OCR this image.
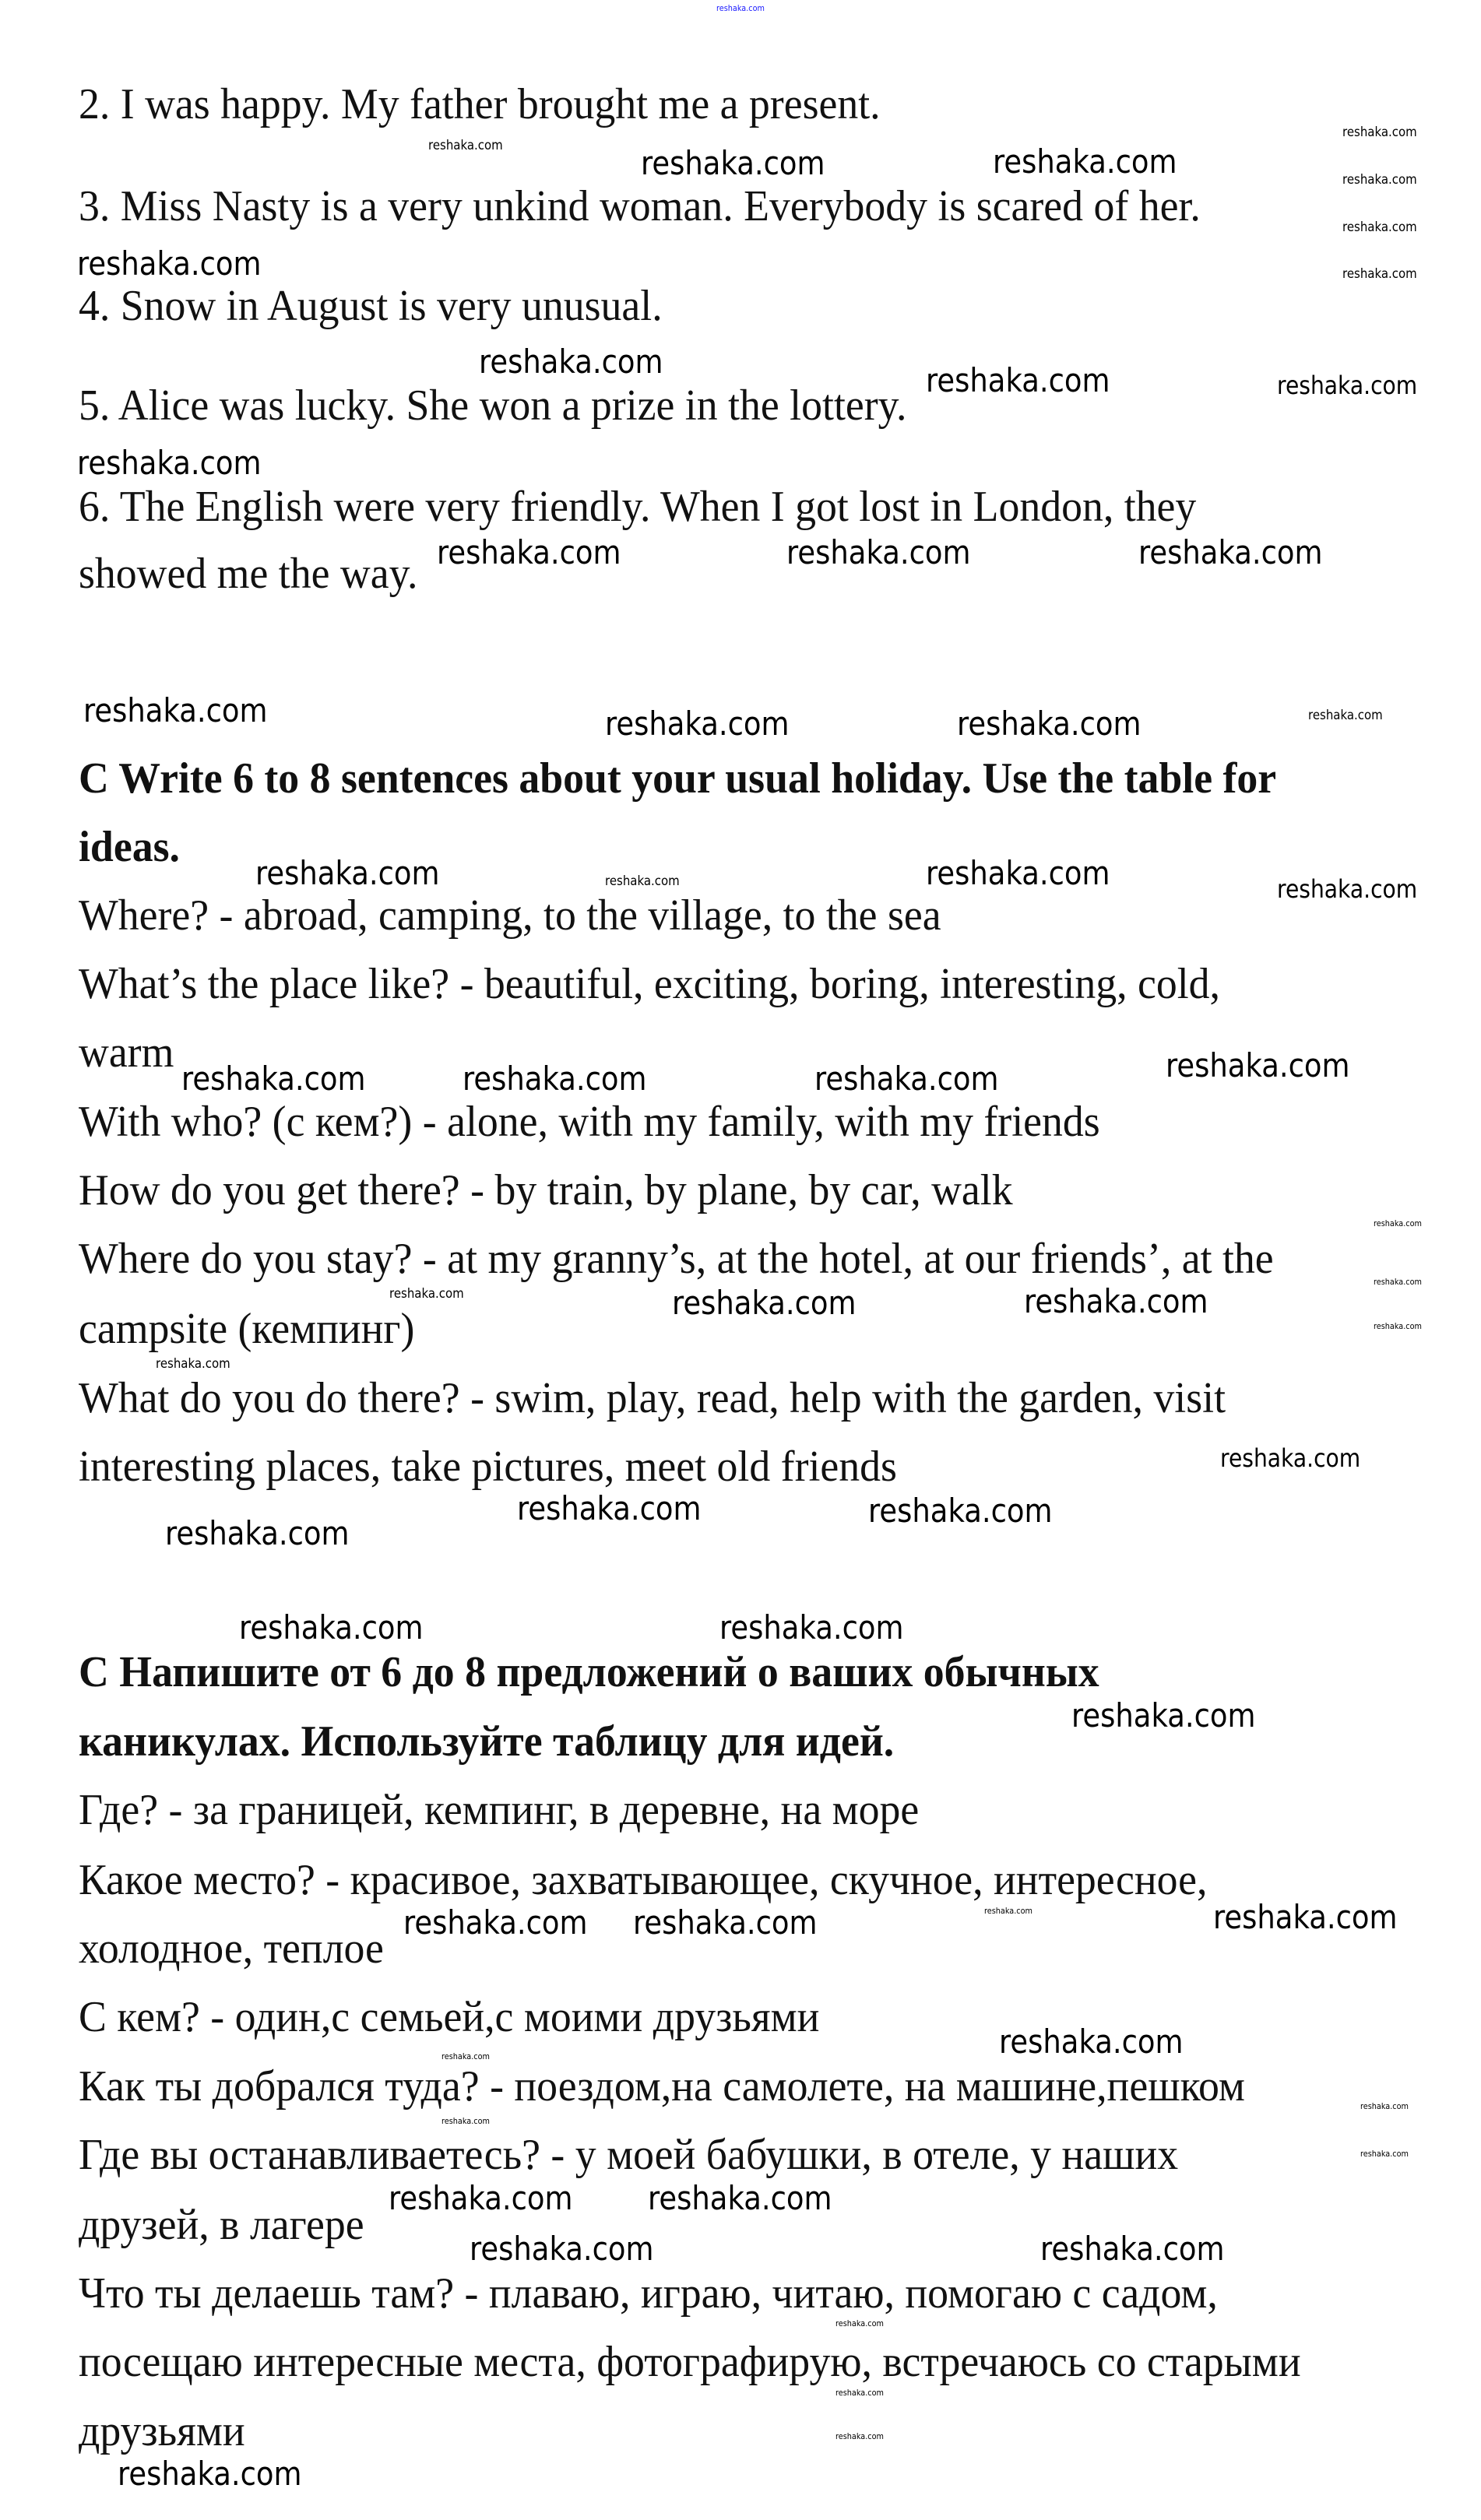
2. I was happy. My father brought me a present.
3. Miss Nasty is a very unkind woman. Everybody is scared of her.
4. Snow in August is very unusual.
5. Alice was lucky. She won a prize in the lottery.
6. The English were very friendly. When I got lost in London, they
showed me the way.
C Write 6 to 8 sentences about your usual holiday. Use the table for
ideas.
Where? - abroad, camping, to the village, to the sea
What’s the place like? - beautiful, exciting, boring, interesting, cold,
warm
With who? (с кем?) - alone, with my family, with my friends
How do you get there? - by train, by plane, by car, walk
Where do you stay? - at my granny’s, at the hotel, at our friends’, at the
campsite (кемпинг)
What do you do there? - swim, play, read, help with the garden, visit
interesting places, take pictures, meet old friends
С Напишите от 6 до 8 предложений о ваших обычных
каникулах. Используйте таблицу для идей.
Где? - за границей, кемпинг, в деревне, на море
Какое место? - красивое, захватывающее, скучное, интересное,
холодное, теплое
С кем? - один,с семьей,с моими друзьями
Как ты добрался туда? - поездом,на самолете, на машине,пешком
Где вы останавливаетесь? - у моей бабушки, в отеле, у наших
друзей, в лагере
Что ты делаешь там? - плаваю, играю, читаю, помогаю с садом,
посещаю интересные места, фотографирую, встречаюсь со старыми
друзьями
reshaka.com
reshaka.com
reshaka.com
reshaka.com
reshaka.com
reshaka.com
reshaka.com	reshaka.com
reshaka.com
reshaka.com	reshaka.com
reshaka.com
reshaka.com	reshaka.com	reshaka.com
reshaka.com
reshaka.com	reshaka.com	reshaka.com	reshaka.com
reshaka.com	reshaka.com
reshaka.com	reshaka.com
reshaka.com	reshaka.com	reshaka.com	reshaka.com
reshaka.com
reshaka.com
reshaka.com
reshaka.com	reshaka.com	reshaka.com
reshaka.com
reshaka.com
reshaka.com
reshaka.com
reshaka.com
reshaka.com	reshaka.com
reshaka.com
reshaka.com reshaka.com	reshaka.com
reshaka.com
reshaka.com
reshaka.com
reshaka.com reshaka.com
reshaka.com
reshaka.com
reshaka.com
reshaka.com
reshaka.com	reshaka.com
reshaka.com
reshaka.com
reshaka.com
